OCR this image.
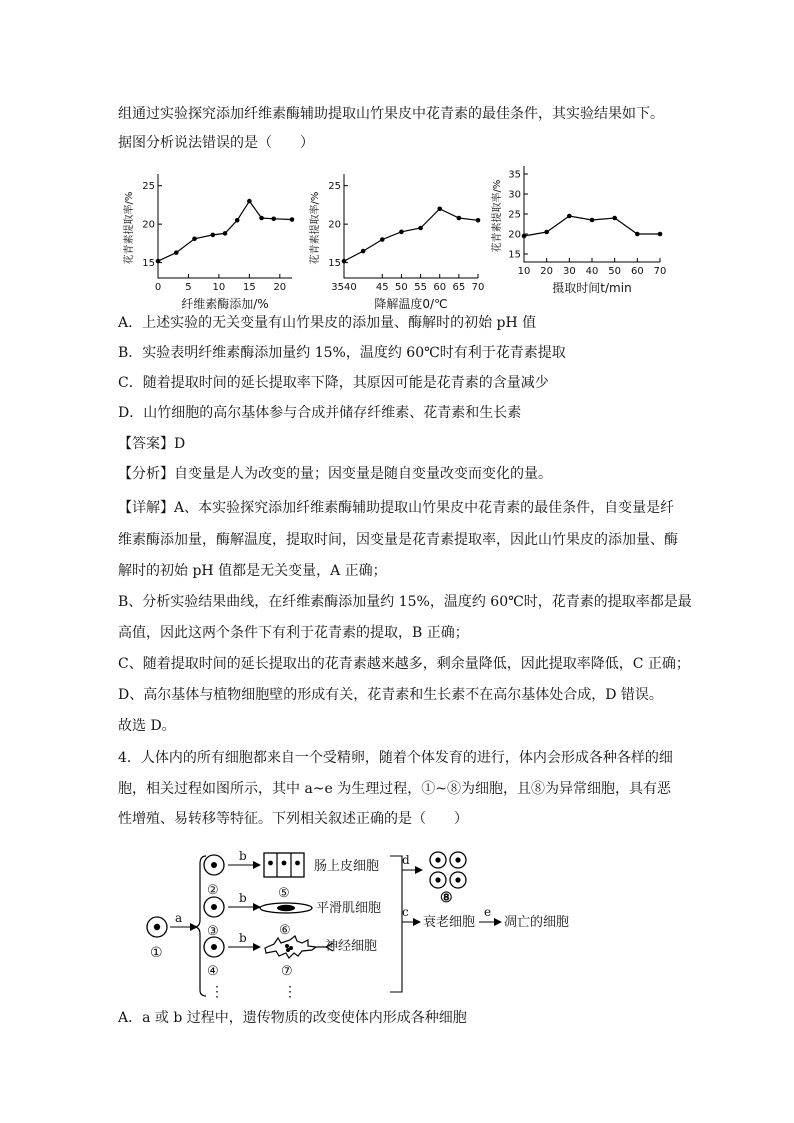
组通过实验探究添加纤维素酶辅助提取山竹果皮中花青素的最佳条件，其实验结果如下。
据图分析说法错误的是（　　）
15
20
25
0 5 10 15 20
花青素提取率/%
纤维素酶添加/%
15
20
25
3540 45 50 55 60 65 70
花青素提取率/%
降解温度0/℃
15
20
25
30
35
10 20 30 40 50 60 70
花青素提取率/%
摄取时间t/min
A．上述实验的无关变量有山竹果皮的添加量、酶解时的初始 pH 值
B．实验表明纤维素酶添加量约 15%，温度约 60℃时有利于花青素提取
C．随着提取时间的延长提取率下降，其原因可能是花青素的含量减少
D．山竹细胞的高尔基体参与合成并储存纤维素、花青素和生长素
【答案】D
【分析】自变量是人为改变的量；因变量是随自变量改变而变化的量。
【详解】A、本实验探究添加纤维素酶辅助提取山竹果皮中花青素的最佳条件，自变量是纤
维素酶添加量，酶解温度，提取时间，因变量是花青素提取率，因此山竹果皮的添加量、酶
解时的初始 pH 值都是无关变量，A 正确；
B、分析实验结果曲线，在纤维素酶添加量约 15%，温度约 60℃时，花青素的提取率都是最
高值，因此这两个条件下有利于花青素的提取，B 正确；
C、随着提取时间的延长提取出的花青素越来越多，剩余量降低，因此提取率降低，C 正确；
D、高尔基体与植物细胞壁的形成有关，花青素和生长素不在高尔基体处合成，D 错误。
故选 D。
4．人体内的所有细胞都来自一个受精卵，随着个体发育的进行，体内会形成各种各样的细
胞，相关过程如图所示，其中 a~e 为生理过程，①~⑧为细胞，且⑧为异常细胞，具有恶
性增殖、易转移等特征。下列相关叙述正确的是（　　）
①
a
②
b
⑤
肠上皮细胞
③
b
⑥
平滑肌细胞
④
b
⋮
⑦
神经细胞
⋮
d
⑧
c
衰老细胞
e
凋亡的细胞
A．a 或 b 过程中，遗传物质的改变使体内形成各种细胞
